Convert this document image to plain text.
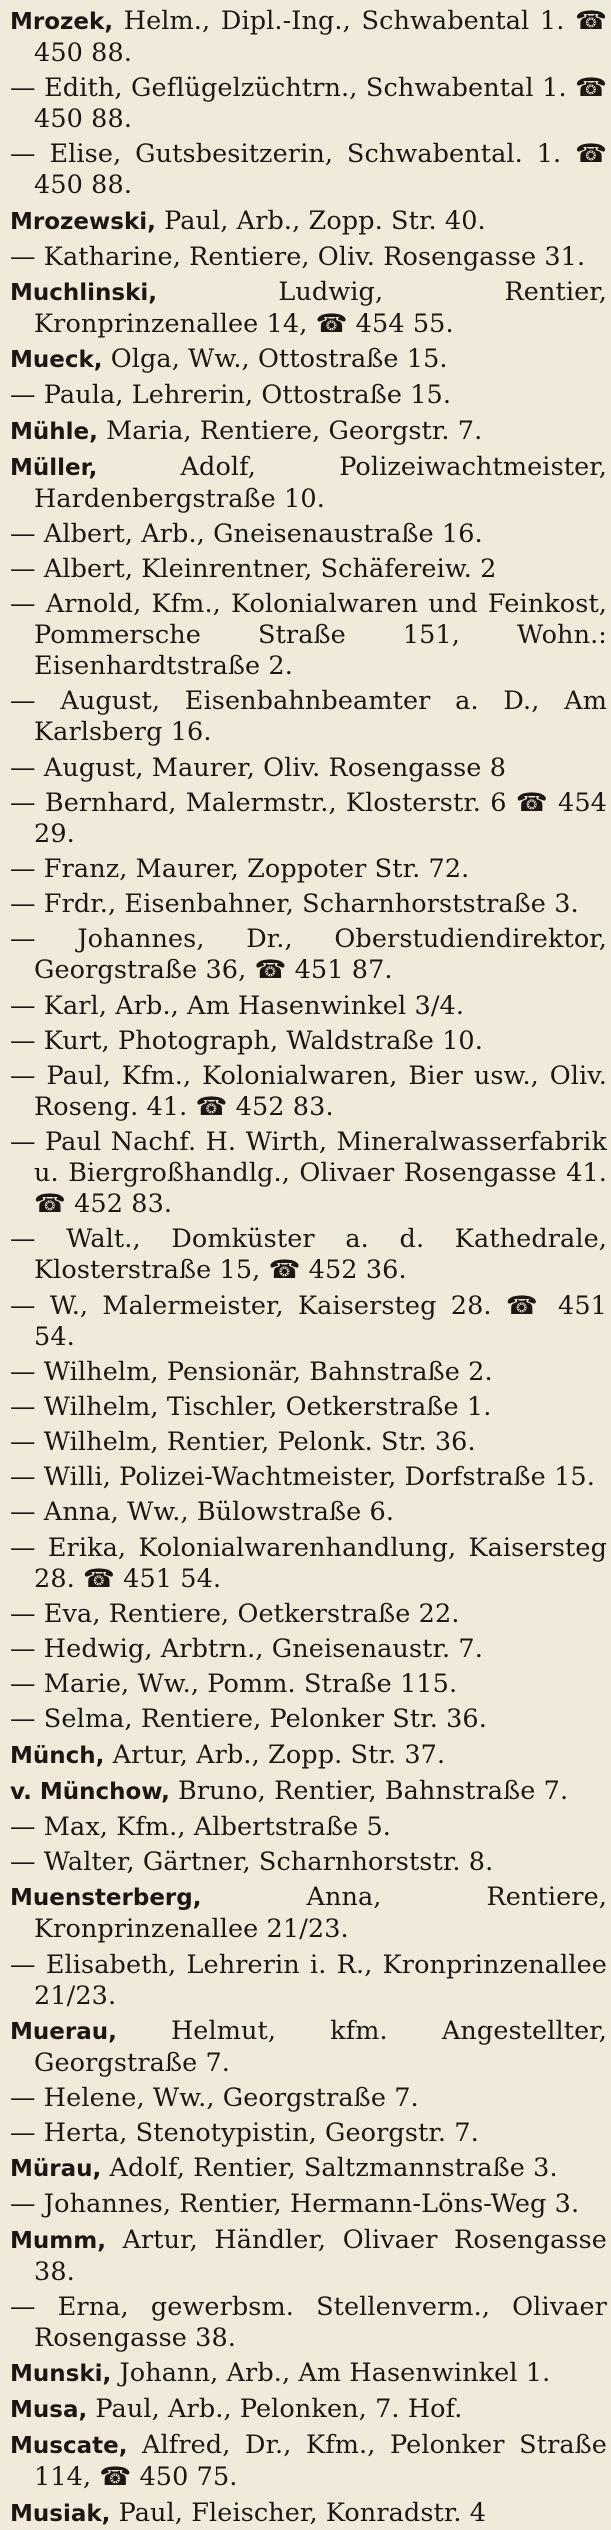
Mrozek, Helm., Dipl.-Ing., Schwabental 1. ☎ 450 88.

— Edith, Geflügelzüchtrn., Schwabental 1. ☎ 450 88.

— Elise, Gutsbesitzerin, Schwabental. 1. ☎ 450 88.

Mrozewski, Paul, Arb., Zopp. Str. 40.

— Katharine, Rentiere, Oliv. Rosengasse 31.

Muchlinski, Ludwig, Rentier, Kronprinzenallee 14, ☎ 454 55.

Mueck, Olga, Ww., Ottostraße 15.

— Paula, Lehrerin, Ottostraße 15.

Mühle, Maria, Rentiere, Georgstr. 7.

Müller, Adolf, Polizeiwachtmeister, Hardenbergstraße 10.

— Albert, Arb., Gneisenaustraße 16.

— Albert, Kleinrentner, Schäfereiw. 2

— Arnold, Kfm., Kolonialwaren und Feinkost, Pommersche Straße 151, Wohn.: Eisenhardtstraße 2.

— August, Eisenbahnbeamter a. D., Am Karlsberg 16.

— August, Maurer, Oliv. Rosengasse 8

— Bernhard, Malermstr., Klosterstr. 6 ☎ 454 29.

— Franz, Maurer, Zoppoter Str. 72.

— Frdr., Eisenbahner, Scharnhorststraße 3.

— Johannes, Dr., Oberstudiendirektor, Georgstraße 36, ☎ 451 87.

— Karl, Arb., Am Hasenwinkel 3/4.

— Kurt, Photograph, Waldstraße 10.

— Paul, Kfm., Kolonialwaren, Bier usw., Oliv. Roseng. 41. ☎ 452 83.

— Paul Nachf. H. Wirth, Mineralwasserfabrik u. Biergroßhandlg., Olivaer Rosengasse 41. ☎ 452 83.

— Walt., Domküster a. d. Kathedrale, Klosterstraße 15, ☎ 452 36.

— W., Malermeister, Kaisersteg 28. ☎ 451 54.

— Wilhelm, Pensionär, Bahnstraße 2.

— Wilhelm, Tischler, Oetkerstraße 1.

— Wilhelm, Rentier, Pelonk. Str. 36.

— Willi, Polizei-Wachtmeister, Dorfstraße 15.

— Anna, Ww., Bülowstraße 6.

— Erika, Kolonialwarenhandlung, Kaisersteg 28. ☎ 451 54.

— Eva, Rentiere, Oetkerstraße 22.

— Hedwig, Arbtrn., Gneisenaustr. 7.

— Marie, Ww., Pomm. Straße 115.

— Selma, Rentiere, Pelonker Str. 36.

Münch, Artur, Arb., Zopp. Str. 37.

v. Münchow, Bruno, Rentier, Bahnstraße 7.

— Max, Kfm., Albertstraße 5.

— Walter, Gärtner, Scharnhorststr. 8.

Muensterberg, Anna, Rentiere, Kronprinzenallee 21/23.

— Elisabeth, Lehrerin i. R., Kronprinzenallee 21/23.

Muerau, Helmut, kfm. Angestellter, Georgstraße 7.

— Helene, Ww., Georgstraße 7.

— Herta, Stenotypistin, Georgstr. 7.

Mürau, Adolf, Rentier, Saltzmannstraße 3.

— Johannes, Rentier, Hermann-Löns-Weg 3.

Mumm, Artur, Händler, Olivaer Rosengasse 38.

— Erna, gewerbsm. Stellenverm., Olivaer Rosengasse 38.

Munski, Johann, Arb., Am Hasenwinkel 1.

Musa, Paul, Arb., Pelonken, 7. Hof.

Muscate, Alfred, Dr., Kfm., Pelonker Straße 114, ☎ 450 75.

Musiak, Paul, Fleischer, Konradstr. 4
